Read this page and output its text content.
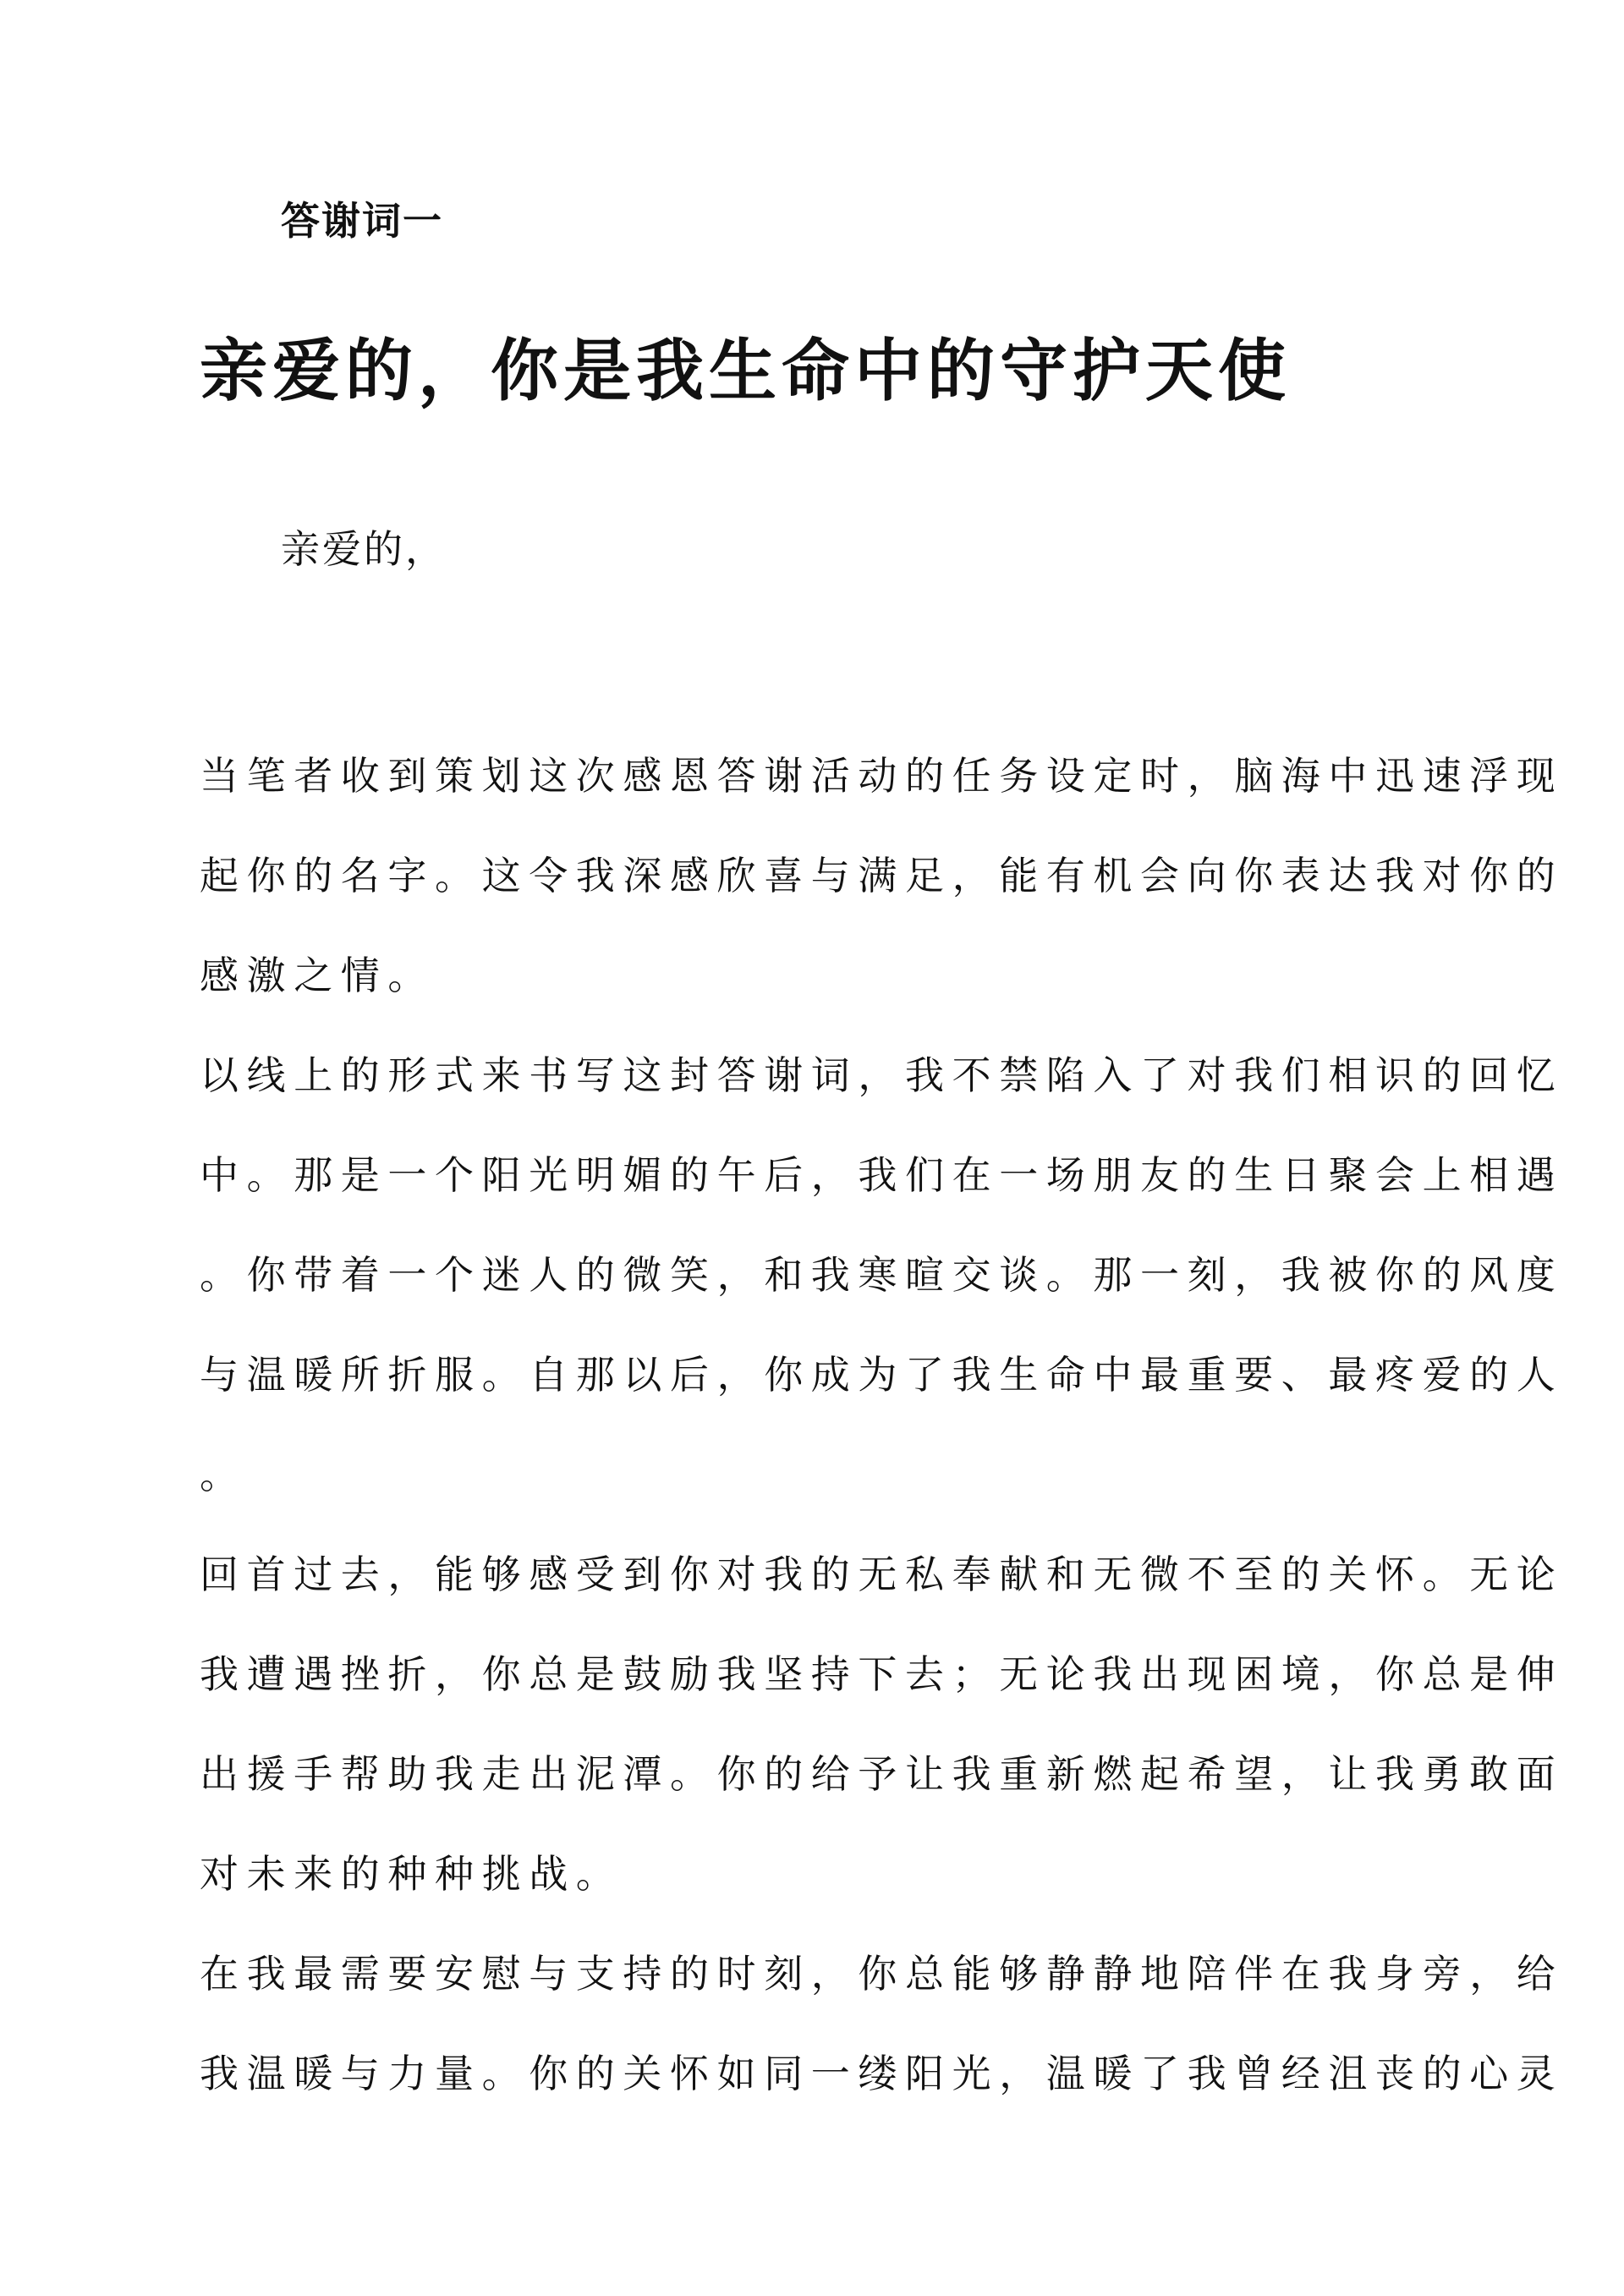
答谢词一

亲爱的，你是我生命中的守护天使

亲爱的，

当笔者收到策划这次感恩答谢活动的任务设定时，脑海中迅速浮现

起你的名字。这令我深感欣喜与满足，能有机会向你表达我对你的

感激之情。

以线上的形式来书写这封答谢词，我不禁陷入了对我们相识的回忆

中。那是一个阳光明媚的午后，我们在一场朋友的生日聚会上相遇

。你带着一个迷人的微笑，和我寒暄交谈。那一刻，我被你的风度

与温暖所折服。自那以后，你成为了我生命中最重要、最疼爱的人

。

回首过去，能够感受到你对我的无私奉献和无微不至的关怀。无论

我遭遇挫折，你总是鼓励我坚持下去；无论我出现困境，你总是伸

出援手帮助我走出泥潭。你的给予让我重新燃起希望，让我勇敢面

对未来的种种挑战。

在我最需要安慰与支持的时刻，你总能够静静地陪伴在我身旁，给

我温暖与力量。你的关怀如同一缕阳光，温暖了我曾经沮丧的心灵
